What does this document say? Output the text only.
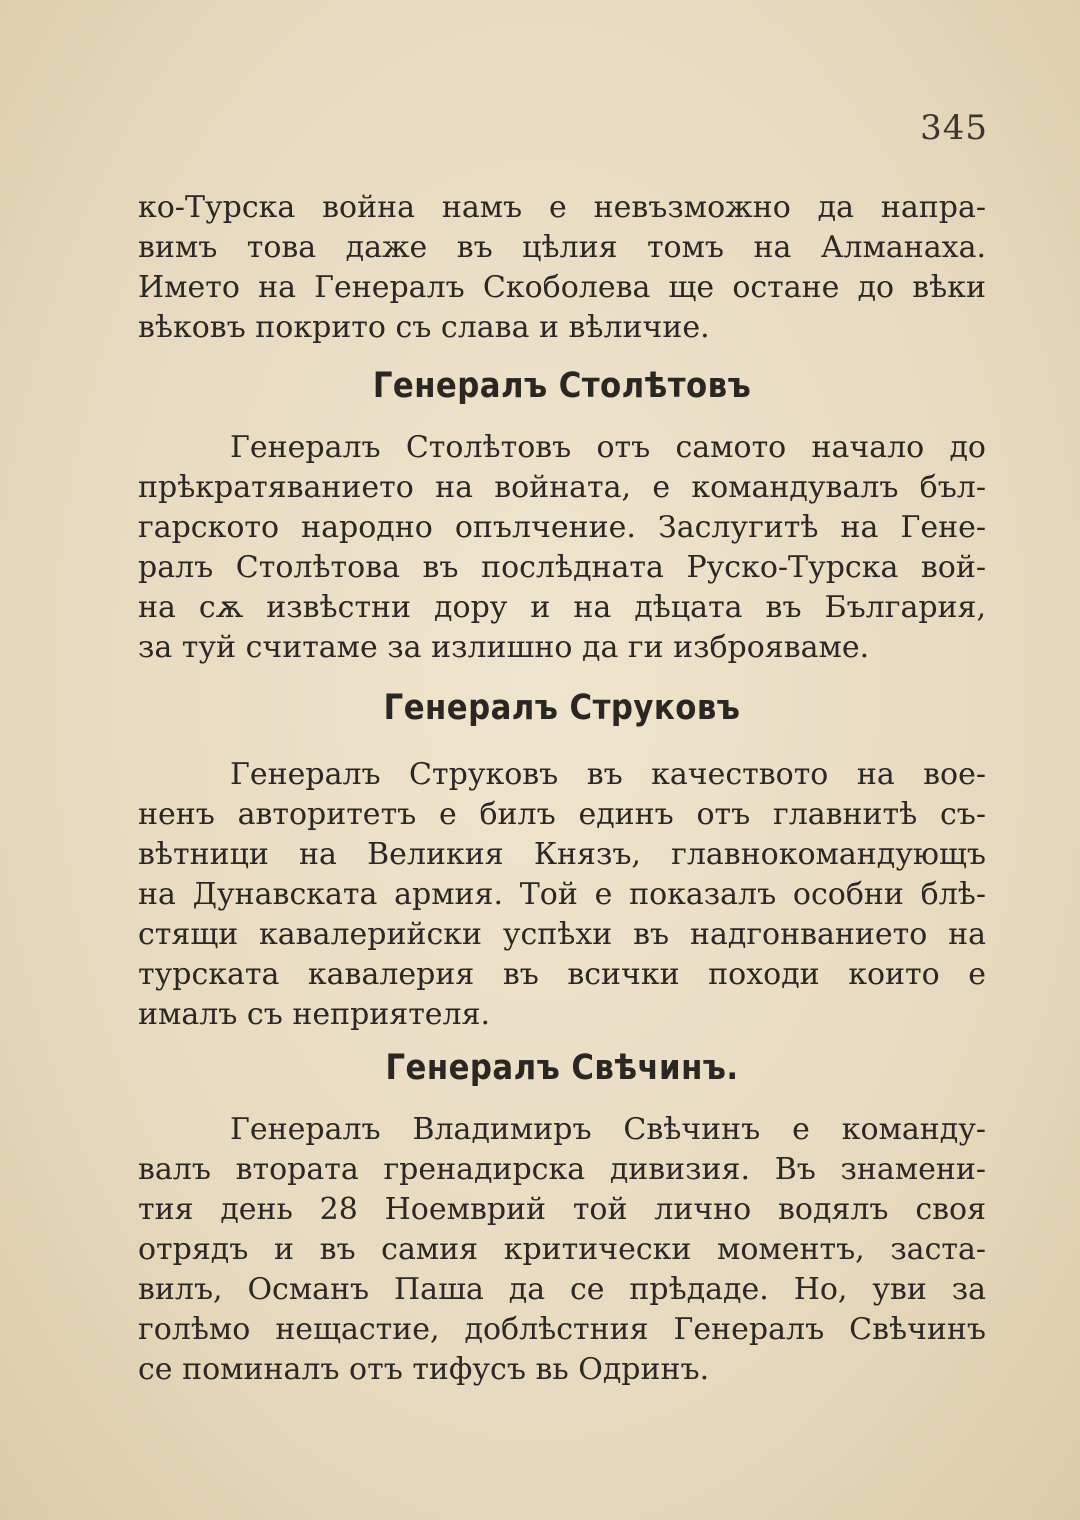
345
ко-Турска война намъ е невъзможно да напра-
вимъ това даже въ цѣлия томъ на Алманаха.
Името на Генералъ Скоболева ще остане до вѣки
вѣковъ покрито съ слава и вѣличие.
Генералъ Столѣтовъ
Генералъ Столѣтовъ отъ самото начало до
прѣкратяванието на войната, е командувалъ бъл-
гарското народно опълчение. Заслугитѣ на Гене-
ралъ Столѣтова въ послѣдната Руско-Турска вой-
на сѫ извѣстни дору и на дѣцата въ България,
за туй считаме за излишно да ги изброяваме.
Генералъ Струковъ
Генералъ Струковъ въ качеството на вое-
ненъ авторитетъ е билъ единъ отъ главнитѣ съ-
вѣтници на Великия Князъ, главнокомандующъ
на Дунавската армия. Той е показалъ особни блѣ-
стящи кавалерийски успѣхи въ надгонванието на
турската кавалерия въ всички походи които е
ималъ съ неприятеля.
Генералъ Свѣчинъ.
Генералъ Владимиръ Свѣчинъ е команду-
валъ втората гренадирска дивизия. Въ знамени-
тия день 28 Ноемврий той лично водялъ своя
отрядъ и въ самия критически моментъ, заста-
вилъ, Османъ Паша да се прѣдаде. Но, уви за
голѣмо нещастие, доблѣстния Генералъ Свѣчинъ
се поминалъ отъ тифусъ вь Одринъ.
